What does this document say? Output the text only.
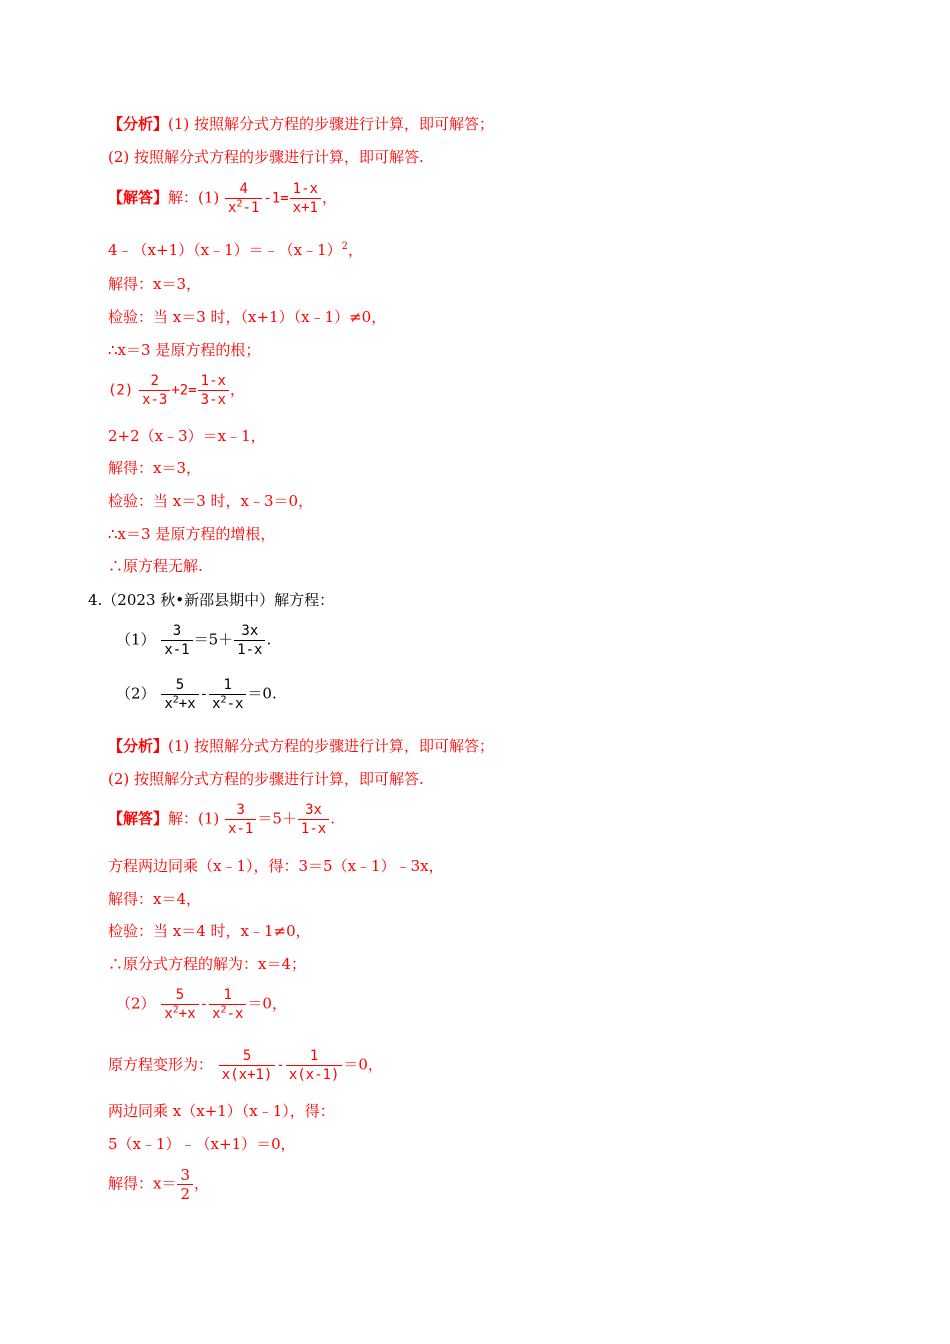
【分析】(1) 按照解分式方程的步骤进行计算，即可解答；
(2) 按照解分式方程的步骤进行计算，即可解答.
【解答】解：$(1) \frac{4}{x^2-1} -1= \frac{1-x}{x+1}$ ，
4﹣（x+1）（x﹣1）＝﹣（x﹣1）$^2$，
解得：x＝3，
检验：当 x＝3 时，（x+1）（x﹣1）≠0，
∴x＝3 是原方程的根；
$(2) \frac{2}{x-3} +2= \frac{1-x}{3-x}$ ，
2+2（x﹣3）＝x﹣1，
解得：x＝3，
检验：当 x＝3 时，x﹣3＝0，
∴x＝3 是原方程的增根，
∴原方程无解.
4.（2023 秋•新邵县期中）解方程：
$(1) \frac{3}{x-1} =5+ \frac{3x}{1-x}$ .
$(2) \frac{5}{x^2+x} - \frac{1}{x^2-x} =0$.
【分析】(1) 按照解分式方程的步骤进行计算，即可解答；
(2) 按照解分式方程的步骤进行计算，即可解答.
【解答】解：$(1) \frac{3}{x-1} =5+ \frac{3x}{1-x}$ .
方程两边同乘（x﹣1），得：3＝5（x﹣1）﹣3x，
解得：x＝4，
检验：当 x＝4 时，x﹣1≠0，
∴原分式方程的解为：x＝4；
$(2) \frac{5}{x^2+x} - \frac{1}{x^2-x} =0$，
原方程变形为： $\frac{5}{x(x+1)} - \frac{1}{x(x-1)} =0$，
两边同乘 x（x+1）（x﹣1），得：
5（x﹣1）﹣（x+1）＝0，
解得：$x= \frac{3}{2}$ ，
